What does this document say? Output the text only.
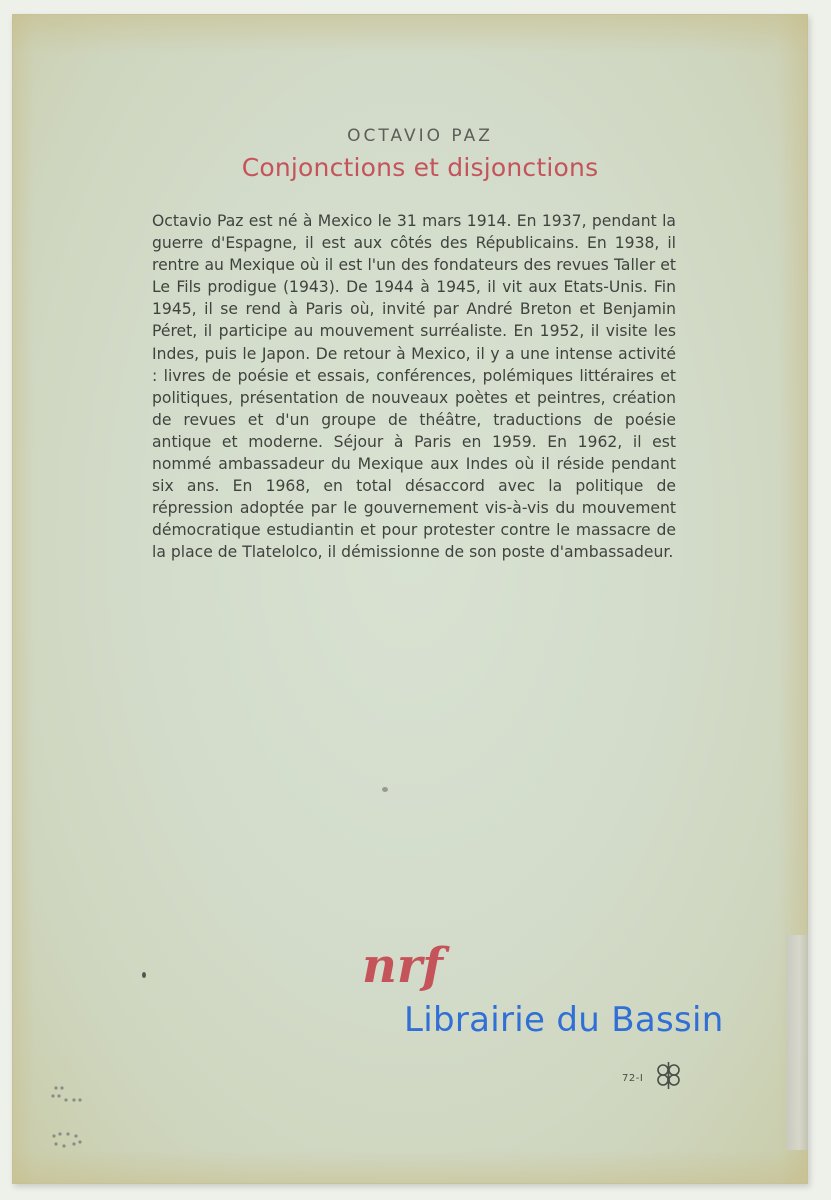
OCTAVIO PAZ
Conjonctions et disjonctions
Octavio Paz est né à Mexico le 31 mars 1914. En 1937, pendant la guerre d'Espagne, il est aux côtés des Républicains. En 1938, il rentre au Mexique où il est l'un des fondateurs des revues Taller et Le Fils prodigue (1943). De 1944 à 1945, il vit aux Etats-Unis. Fin 1945, il se rend à Paris où, invité par André Breton et Benjamin Péret, il participe au mouvement surréaliste. En 1952, il visite les Indes, puis le Japon. De retour à Mexico, il y a une intense activité : livres de poésie et essais, conférences, polémiques littéraires et politiques, présentation de nouveaux poètes et peintres, création de revues et d'un groupe de théâtre, traductions de poésie antique et moderne. Séjour à Paris en 1959. En 1962, il est nommé ambassadeur du Mexique aux Indes où il réside pendant six ans. En 1968, en total désaccord avec la politique de répression adoptée par le gouvernement vis-à-vis du mouvement démocratique estudiantin et pour protester contre le massacre de la place de Tlatelolco, il démissionne de son poste d'ambassadeur.
nrf
Librairie du Bassin
72-I
